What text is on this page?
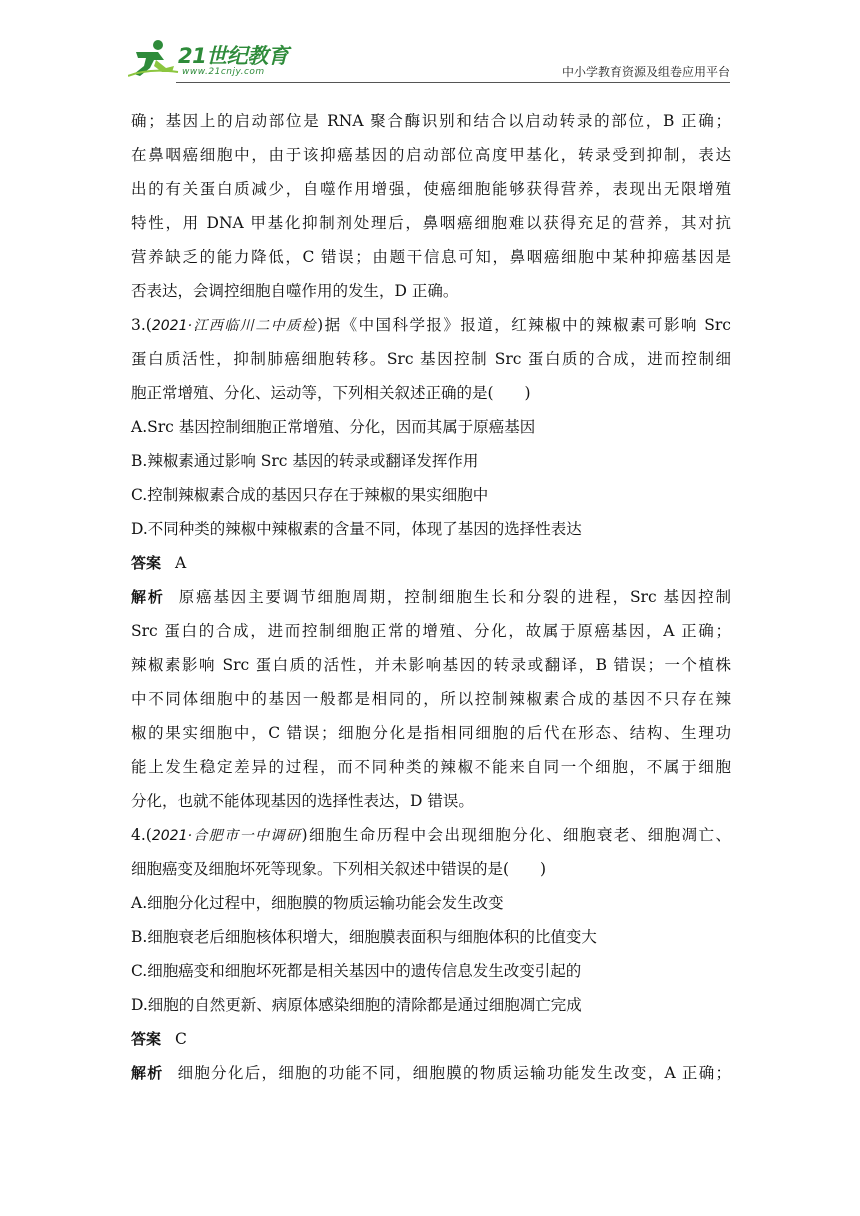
21世纪教育
www.21cnjy.com	中小学教育资源及组卷应用平台
确；基因上的启动部位是 RNA 聚合酶识别和结合以启动转录的部位，B 正确；
在鼻咽癌细胞中，由于该抑癌基因的启动部位高度甲基化，转录受到抑制，表达
出的有关蛋白质减少，自噬作用增强，使癌细胞能够获得营养，表现出无限增殖
特性，用 DNA 甲基化抑制剂处理后，鼻咽癌细胞难以获得充足的营养，其对抗
营养缺乏的能力降低，C 错误；由题干信息可知，鼻咽癌细胞中某种抑癌基因是
否表达，会调控细胞自噬作用的发生，D 正确。
3.(2021·江西临川二中质检)据《中国科学报》报道，红辣椒中的辣椒素可影响 Src
蛋白质活性，抑制肺癌细胞转移。Src 基因控制 Src 蛋白质的合成，进而控制细
胞正常增殖、分化、运动等，下列相关叙述正确的是(　　)
A.Src 基因控制细胞正常增殖、分化，因而其属于原癌基因
B.辣椒素通过影响 Src 基因的转录或翻译发挥作用
C.控制辣椒素合成的基因只存在于辣椒的果实细胞中
D.不同种类的辣椒中辣椒素的含量不同，体现了基因的选择性表达
答案 A
解析 原癌基因主要调节细胞周期，控制细胞生长和分裂的进程，Src 基因控制
Src 蛋白的合成，进而控制细胞正常的增殖、分化，故属于原癌基因，A 正确；
辣椒素影响 Src 蛋白质的活性，并未影响基因的转录或翻译，B 错误；一个植株
中不同体细胞中的基因一般都是相同的，所以控制辣椒素合成的基因不只存在辣
椒的果实细胞中，C 错误；细胞分化是指相同细胞的后代在形态、结构、生理功
能上发生稳定差异的过程，而不同种类的辣椒不能来自同一个细胞，不属于细胞
分化，也就不能体现基因的选择性表达，D 错误。
4.(2021·合肥市一中调研)细胞生命历程中会出现细胞分化、细胞衰老、细胞凋亡、
细胞癌变及细胞坏死等现象。下列相关叙述中错误的是(　　)
A.细胞分化过程中，细胞膜的物质运输功能会发生改变
B.细胞衰老后细胞核体积增大，细胞膜表面积与细胞体积的比值变大
C.细胞癌变和细胞坏死都是相关基因中的遗传信息发生改变引起的
D.细胞的自然更新、病原体感染细胞的清除都是通过细胞凋亡完成
答案 C
解析 细胞分化后，细胞的功能不同，细胞膜的物质运输功能发生改变，A 正确；
